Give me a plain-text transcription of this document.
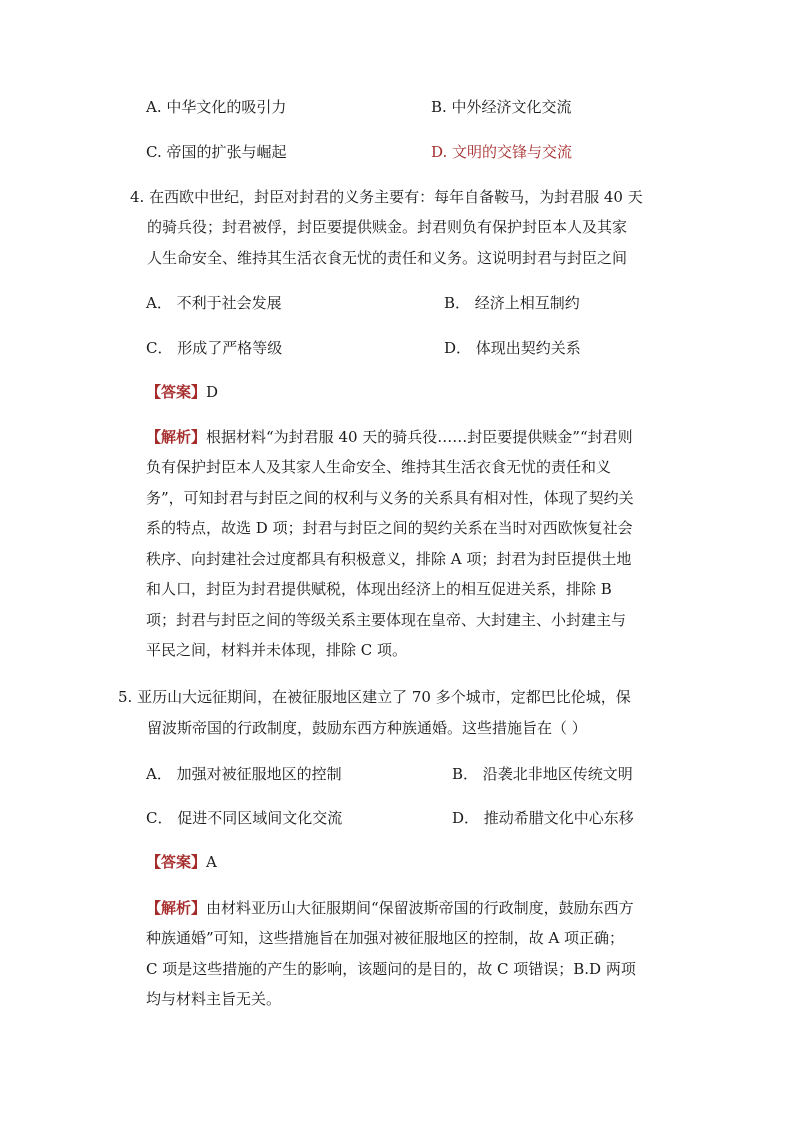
A. 中华文化的吸引力	B. 中外经济文化交流
C. 帝国的扩张与崛起	D. 文明的交锋与交流
4. 在西欧中世纪，封臣对封君的义务主要有：每年自备鞍马，为封君服 40 天
的骑兵役；封君被俘，封臣要提供赎金。封君则负有保护封臣本人及其家
人生命安全、维持其生活衣食无忧的责任和义务。这说明封君与封臣之间
A． 不利于社会发展	B． 经济上相互制约
C． 形成了严格等级	D． 体现出契约关系
【答案】D
【解析】根据材料“为封君服 40 天的骑兵役……封臣要提供赎金”“封君则
负有保护封臣本人及其家人生命安全、维持其生活衣食无忧的责任和义
务”，可知封君与封臣之间的权利与义务的关系具有相对性，体现了契约关
系的特点，故选 D 项；封君与封臣之间的契约关系在当时对西欧恢复社会
秩序、向封建社会过度都具有积极意义，排除 A 项；封君为封臣提供土地
和人口，封臣为封君提供赋税，体现出经济上的相互促进关系，排除 B
项；封君与封臣之间的等级关系主要体现在皇帝、大封建主、小封建主与
平民之间，材料并未体现，排除 C 项。
5. 亚历山大远征期间，在被征服地区建立了 70 多个城市，定都巴比伦城，保
留波斯帝国的行政制度，鼓励东西方种族通婚。这些措施旨在（ ）
A． 加强对被征服地区的控制	B． 沿袭北非地区传统文明
C． 促进不同区域间文化交流	D． 推动希腊文化中心东移
【答案】A
【解析】由材料亚历山大征服期间“保留波斯帝国的行政制度，鼓励东西方
种族通婚”可知，这些措施旨在加强对被征服地区的控制，故 A 项正确；
C 项是这些措施的产生的影响，该题问的是目的，故 C 项错误；B.D 两项
均与材料主旨无关。
